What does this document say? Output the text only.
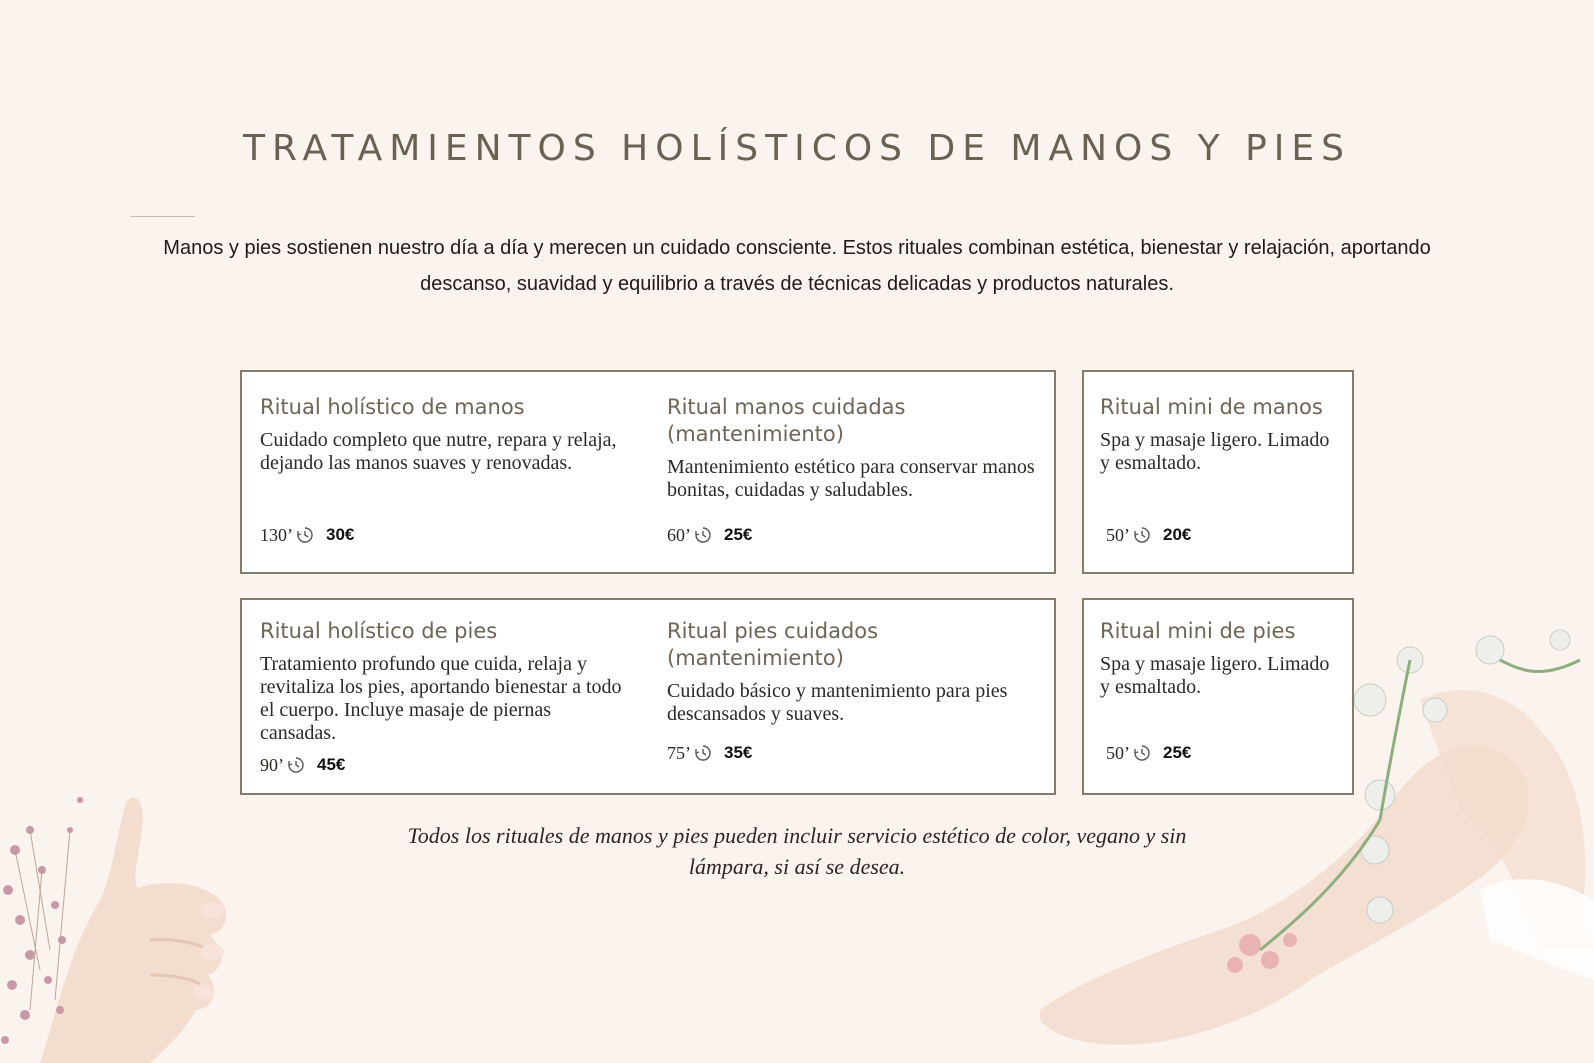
TRATAMIENTOS HOLÍSTICOS DE MANOS Y PIES

Manos y pies sostienen nuestro día a día y merecen un cuidado consciente. Estos rituales combinan estética, bienestar y relajación, aportando descanso, suavidad y equilibrio a través de técnicas delicadas y productos naturales.

Ritual holístico de manos

Cuidado completo que nutre, repara y relaja, dejando las manos suaves y renovadas.

130’ 30€
Ritual manos cuidadas (mantenimiento)

Mantenimiento estético para conservar manos bonitas, cuidadas y saludables.

60’ 25€
Ritual mini de manos

Spa y masaje ligero. Limado y esmaltado.

50’ 20€
Ritual holístico de pies

Tratamiento profundo que cuida, relaja y revitaliza los pies, aportando bienestar a todo el cuerpo. Incluye masaje de piernas cansadas.

90’ 45€
Ritual pies cuidados (mantenimiento)

Cuidado básico y mantenimiento para pies descansados y suaves.

75’ 35€
Ritual mini de pies

Spa y masaje ligero. Limado y esmaltado.

50’ 25€

Todos los rituales de manos y pies pueden incluir servicio estético de color, vegano y sin lámpara, si así se desea.
